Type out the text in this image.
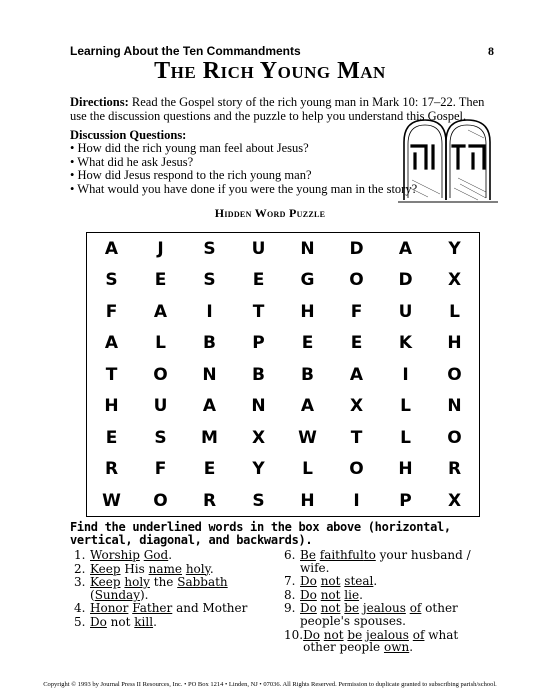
Learning About the Ten Commandments	8
The Rich Young Man

Directions: Read the Gospel story of the rich young man in Mark 10: 17–22. Then use the discussion questions and the puzzle to help you understand this Gospel.

Discussion Questions:
• How did the rich young man feel about Jesus?
• What did he ask Jesus?
• How did Jesus respond to the rich young man?
• What would you have done if you were the young man in the story?
Hidden Word Puzzle
A	J	S	U	N	D	A	Y
S	E	S	E	G	O	D	X
F	A	I	T	H	F	U	L
A	L	B	P	E	E	K	H
T	O	N	B	B	A	I	O
H	U	A	N	A	X	L	N
E	S	M	X	W	T	L	O
R	F	E	Y	L	O	H	R
W	O	R	S	H	I	P	X

Find the underlined words in the box above (horizontal, vertical, diagonal, and backwards).

1. Worship God.
2. Keep His name holy.
3. Keep holy the Sabbath (Sunday).
4. Honor Father and Mother
5. Do not kill.
6. Be faithfulto your husband / wife.
7. Do not steal.
8. Do not lie.
9. Do not be jealous of other people's spouses.
10. Do not be jealous of what other people own.
Copyright © 1993 by Journal Press II Resources, Inc. • PO Box 1214 • Linden, NJ • 07036. All Rights Reserved. Permission to duplicate granted to subscribing parish/school.
